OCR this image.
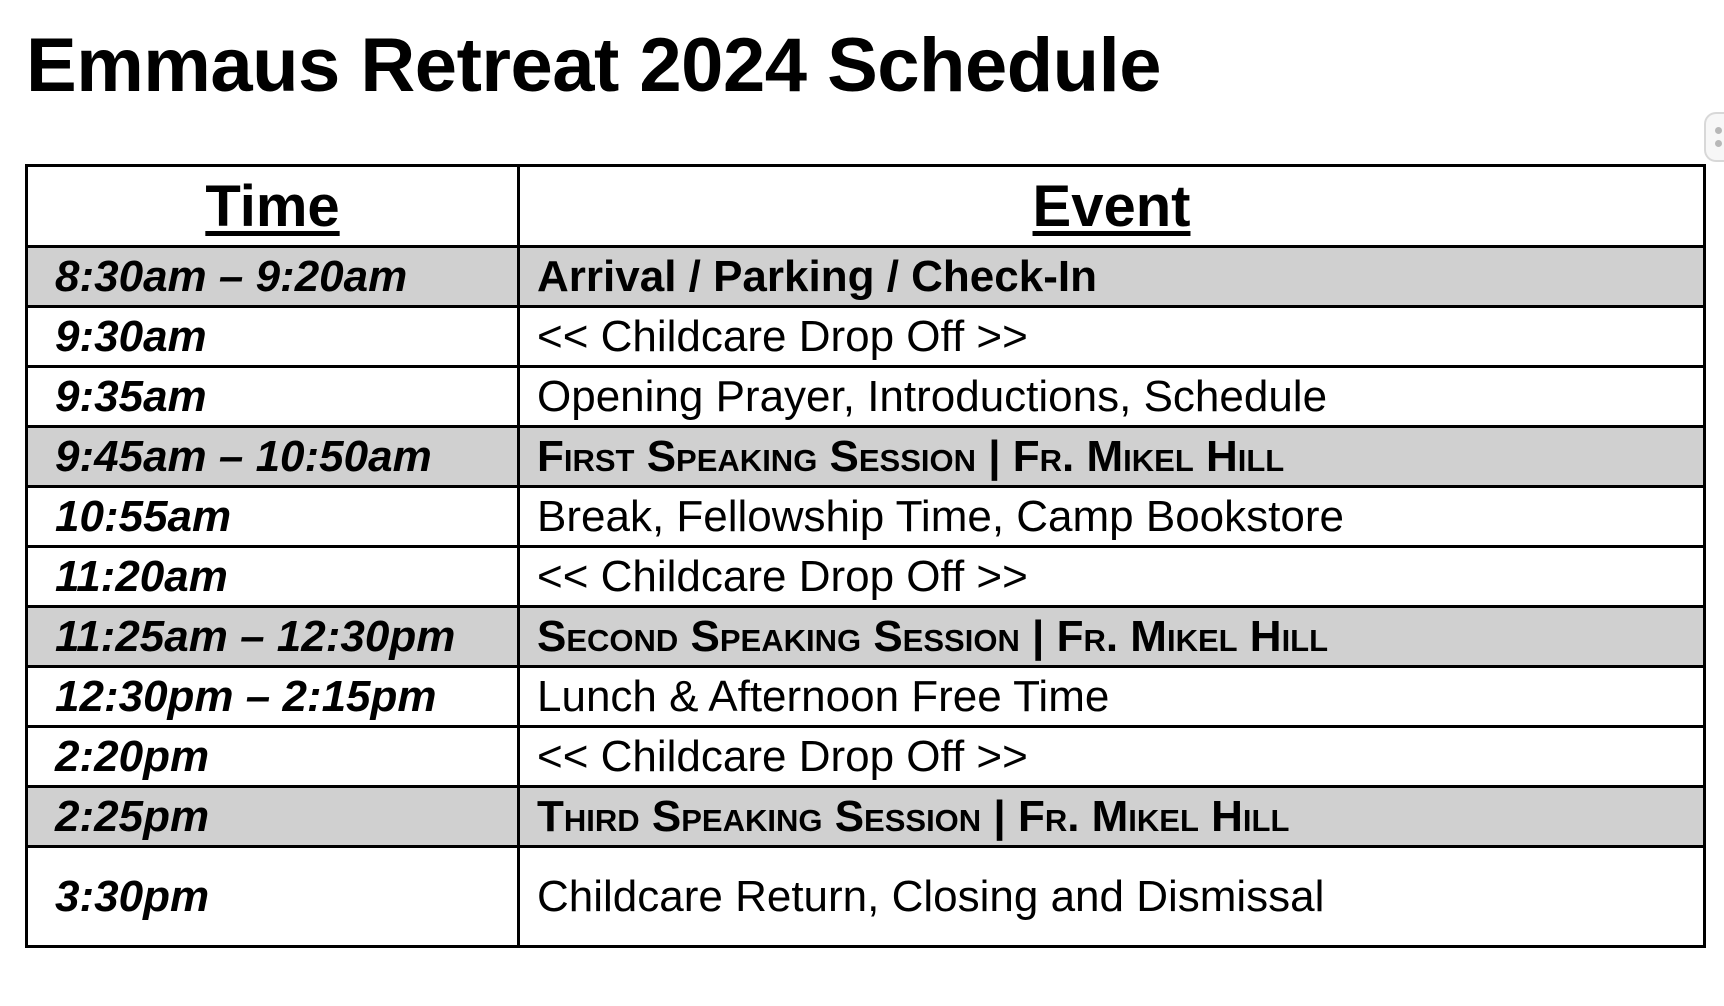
Emmaus Retreat 2024 Schedule
Time	Event
8:30am – 9:20am	Arrival / Parking / Check-In
9:30am	<< Childcare Drop Off >>
9:35am	Opening Prayer, Introductions, Schedule
9:45am – 10:50am	First Speaking Session | Fr. Mikel Hill
10:55am	Break, Fellowship Time, Camp Bookstore
11:20am	<< Childcare Drop Off >>
11:25am – 12:30pm	Second Speaking Session | Fr. Mikel Hill
12:30pm – 2:15pm	Lunch & Afternoon Free Time
2:20pm	<< Childcare Drop Off >>
2:25pm	Third Speaking Session | Fr. Mikel Hill
3:30pm	Childcare Return, Closing and Dismissal
